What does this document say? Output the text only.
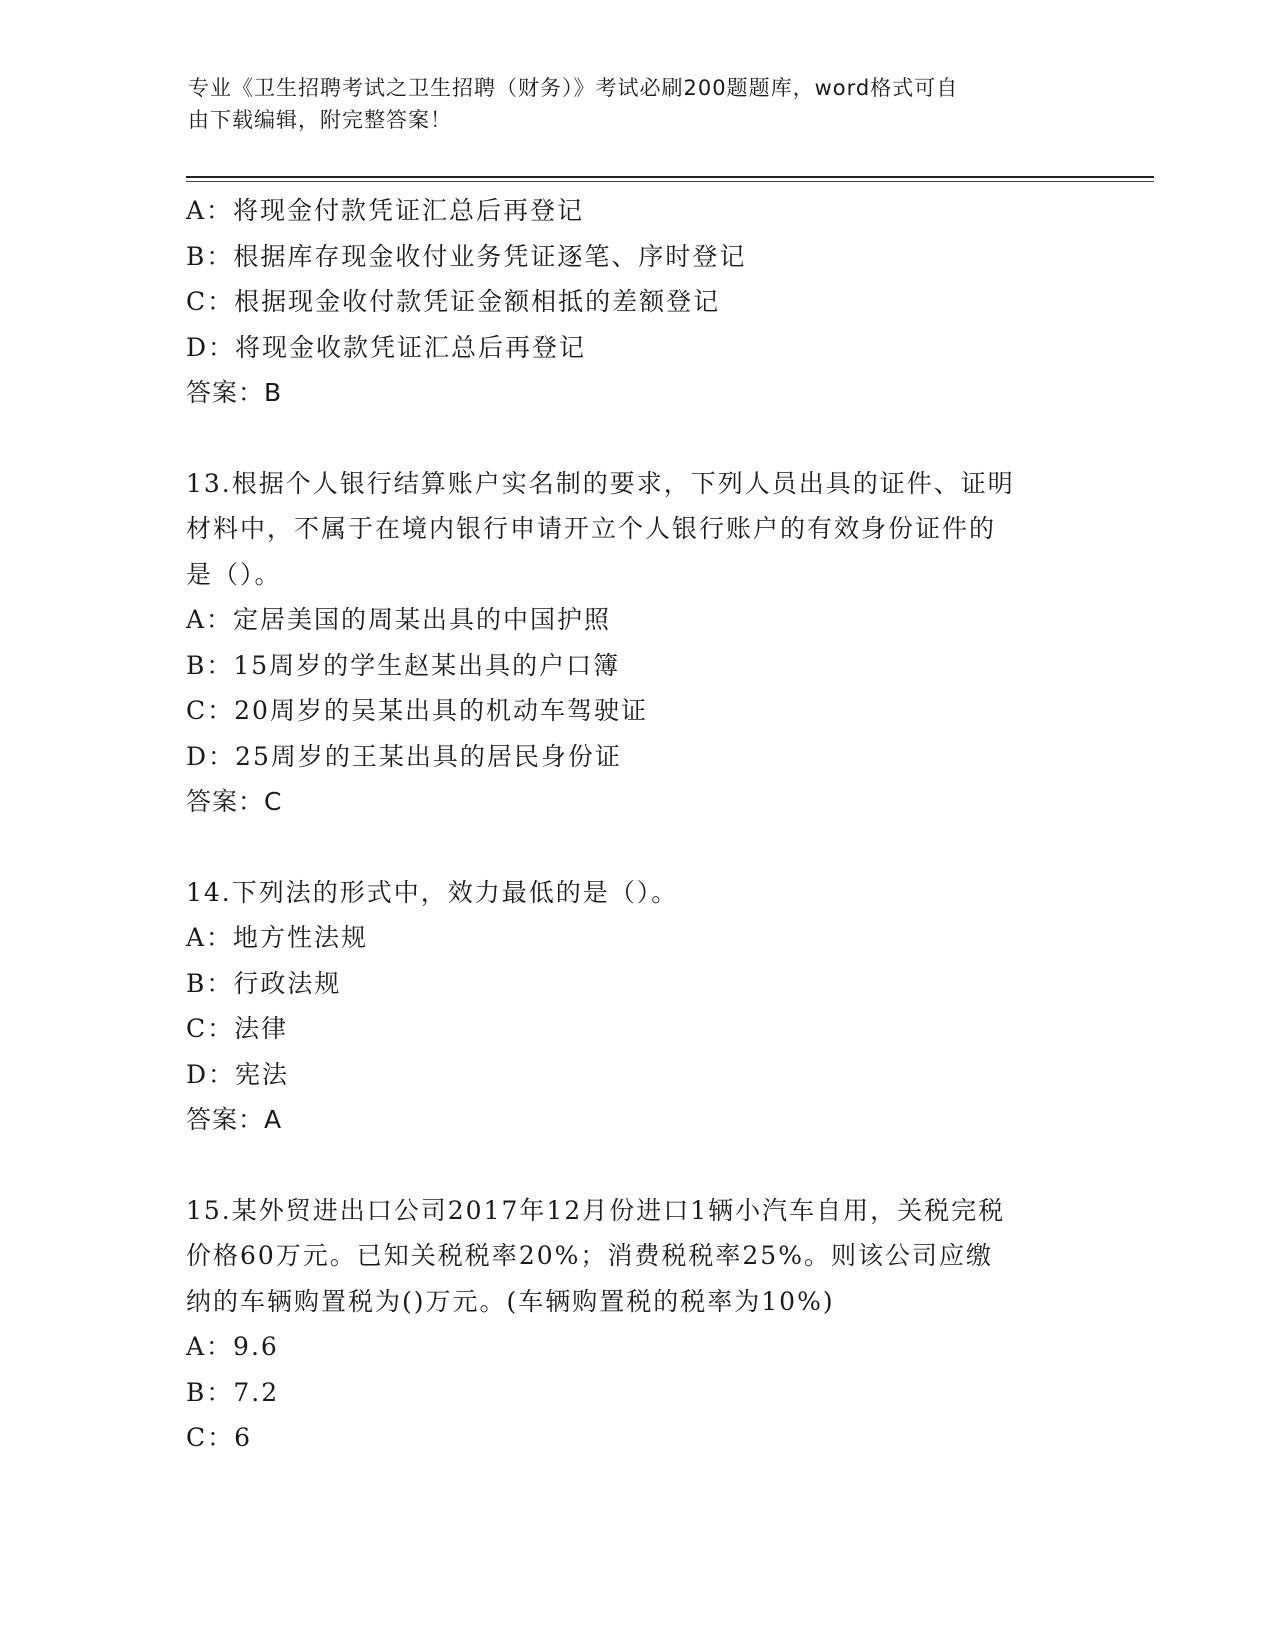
专业《卫生招聘考试之卫生招聘（财务）》考试必刷200题题库，word格式可自
由下载编辑，附完整答案！
A：将现金付款凭证汇总后再登记
B：根据库存现金收付业务凭证逐笔、序时登记
C：根据现金收付款凭证金额相抵的差额登记
D：将现金收款凭证汇总后再登记
答案：B
13.根据个人银行结算账户实名制的要求，下列人员出具的证件、证明
材料中，不属于在境内银行申请开立个人银行账户的有效身份证件的
是（）。
A：定居美国的周某出具的中国护照
B：15周岁的学生赵某出具的户口簿
C：20周岁的吴某出具的机动车驾驶证
D：25周岁的王某出具的居民身份证
答案：C
14.下列法的形式中，效力最低的是（）。
A：地方性法规
B：行政法规
C：法律
D：宪法
答案：A
15.某外贸进出口公司2017年12月份进口1辆小汽车自用，关税完税
价格60万元。已知关税税率20%；消费税税率25%。则该公司应缴
纳的车辆购置税为()万元。(车辆购置税的税率为10%)
A：9.6
B：7.2
C：6
